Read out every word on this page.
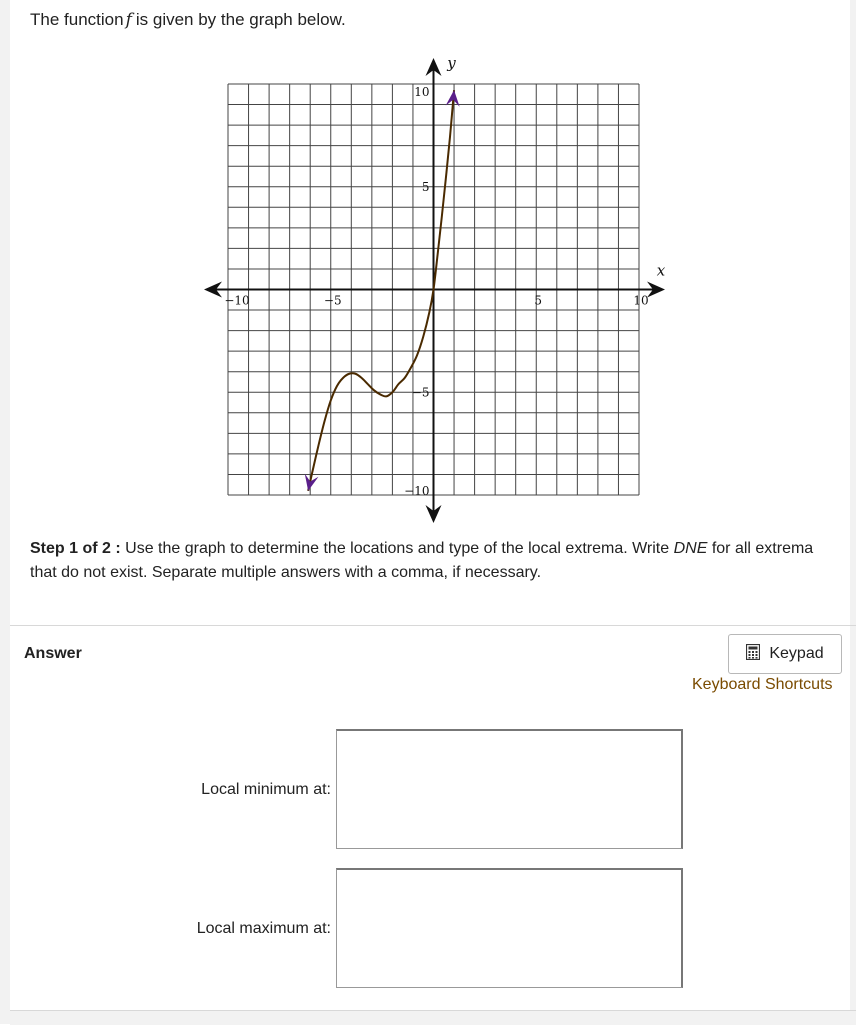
The function f is given by the graph below.
x
y
−10	−5	5	10
10
5
−5
−10
Step 1 of 2 : Use the graph to determine the locations and type of the local extrema. Write DNE for all extrema that do not exist. Separate multiple answers with a comma, if necessary.
Answer	Keypad
Keyboard Shortcuts
Local minimum at:
Local maximum at:
